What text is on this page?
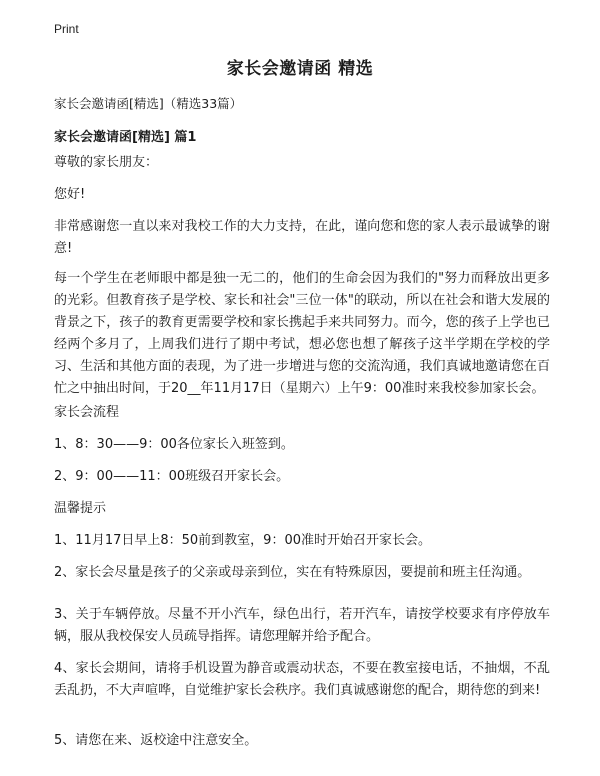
Print
家长会邀请函 精选

家长会邀请函[精选]（精选33篇）

家长会邀请函[精选] 篇1

尊敬的家长朋友：

您好!

非常感谢您一直以来对我校工作的大力支持，在此，谨向您和您的家人表示最诚挚的谢意!

每一个学生在老师眼中都是独一无二的，他们的生命会因为我们的"努力而释放出更多的光彩。但教育孩子是学校、家长和社会"三位一体"的联动，所以在社会和谐大发展的背景之下，孩子的教育更需要学校和家长携起手来共同努力。而今，您的孩子上学也已经两个多月了，上周我们进行了期中考试，想必您也想了解孩子这半学期在学校的学习、生活和其他方面的表现，为了进一步增进与您的交流沟通，我们真诚地邀请您在百忙之中抽出时间，于20__年11月17日（星期六）上午9：00准时来我校参加家长会。

家长会流程

1、8：30——9：00各位家长入班签到。

2、9：00——11：00班级召开家长会。

温馨提示

1、11月17日早上8：50前到教室，9：00准时开始召开家长会。

2、家长会尽量是孩子的父亲或母亲到位，实在有特殊原因，要提前和班主任沟通。

3、关于车辆停放。尽量不开小汽车，绿色出行，若开汽车，请按学校要求有序停放车辆，服从我校保安人员疏导指挥。请您理解并给予配合。

4、家长会期间，请将手机设置为静音或震动状态，不要在教室接电话，不抽烟，不乱丢乱扔，不大声喧哗，自觉维护家长会秩序。我们真诚感谢您的配合，期待您的到来!

5、请您在来、返校途中注意安全。
